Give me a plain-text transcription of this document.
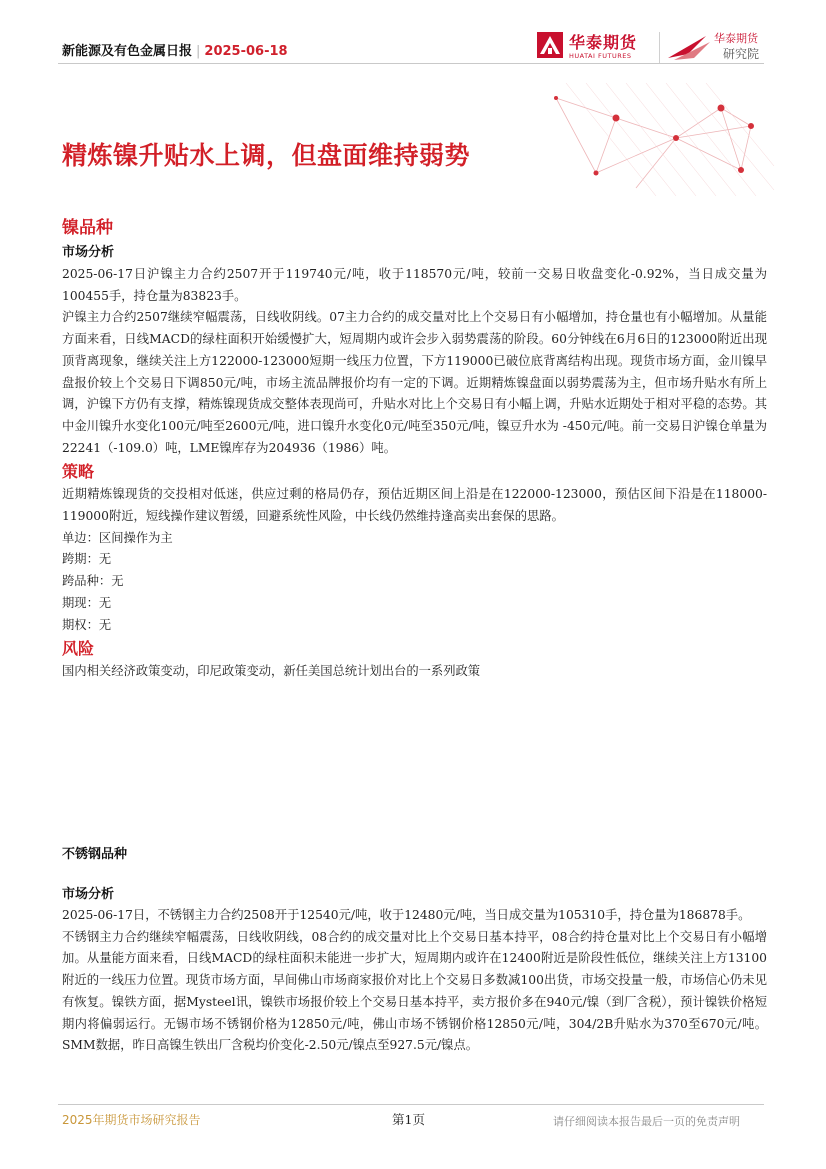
新能源及有色金属日报 | 2025-06-18	华泰期货
HUATAI FUTURES
华泰期货
研究院
精炼镍升贴水上调，但盘面维持弱势
镍品种
市场分析

2025-06-17日沪镍主力合约2507开于119740元/吨，收于118570元/吨，较前一交易日收盘变化-0.92%，当日成交量为100455手，持仓量为83823手。

沪镍主力合约2507继续窄幅震荡，日线收阴线。07主力合约的成交量对比上个交易日有小幅增加，持仓量也有小幅增加。从量能方面来看，日线MACD的绿柱面积开始缓慢扩大，短周期内或许会步入弱势震荡的阶段。60分钟线在6月6日的123000附近出现顶背离现象，继续关注上方122000-123000短期一线压力位置，下方119000已破位底背离结构出现。现货市场方面，金川镍早盘报价较上个交易日下调850元/吨，市场主流品牌报价均有一定的下调。近期精炼镍盘面以弱势震荡为主，但市场升贴水有所上调，沪镍下方仍有支撑，精炼镍现货成交整体表现尚可，升贴水对比上个交易日有小幅上调，升贴水近期处于相对平稳的态势。其中金川镍升水变化100元/吨至2600元/吨，进口镍升水变化0元/吨至350元/吨，镍豆升水为 -450元/吨。前一交易日沪镍仓单量为22241（-109.0）吨，LME镍库存为204936（1986）吨。

策略

近期精炼镍现货的交投相对低迷，供应过剩的格局仍存，预估近期区间上沿是在122000-123000，预估区间下沿是在118000-119000附近，短线操作建议暂缓，回避系统性风险，中长线仍然维持逢高卖出套保的思路。

单边：区间操作为主

跨期：无

跨品种：无

期现：无

期权：无

风险

国内相关经济政策变动，印尼政策变动，新任美国总统计划出台的一系列政策

不锈钢品种
市场分析

2025-06-17日，不锈钢主力合约2508开于12540元/吨，收于12480元/吨，当日成交量为105310手，持仓量为186878手。

不锈钢主力合约继续窄幅震荡，日线收阴线，08合约的成交量对比上个交易日基本持平，08合约持仓量对比上个交易日有小幅增加。从量能方面来看，日线MACD的绿柱面积未能进一步扩大，短周期内或许在12400附近是阶段性低位，继续关注上方13100附近的一线压力位置。现货市场方面，早间佛山市场商家报价对比上个交易日多数减100出货，市场交投量一般，市场信心仍未见有恢复。镍铁方面，据Mysteel讯，镍铁市场报价较上个交易日基本持平，卖方报价多在940元/镍（到厂含税），预计镍铁价格短期内将偏弱运行。无锡市场不锈钢价格为12850元/吨，佛山市场不锈钢价格12850元/吨，304/2B升贴水为370至670元/吨。SMM数据，昨日高镍生铁出厂含税均价变化-2.50元/镍点至927.5元/镍点。

2025年期货市场研究报告	第1页	请仔细阅读本报告最后一页的免责声明
